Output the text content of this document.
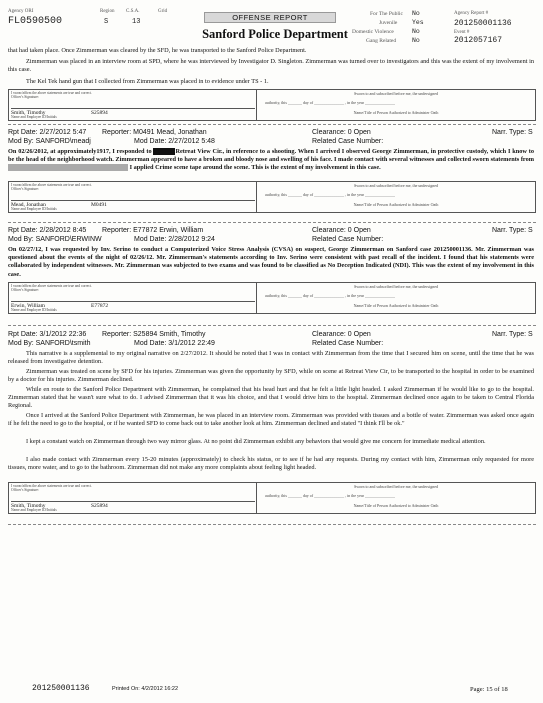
Agency ORI
FL0590500
Region
S
C.S.A.
13
Grid
OFFENSE REPORT
Sanford Police Department
For The Public No
Juvenile Yes
Domestic Violence	No
Gang Related No
Agency Report #
201250001136
Event #
2012057167
that had taken place. Once Zimmerman was cleared by the SFD, he was transported to the Sanford Police Department.
Zimmerman was placed in an interview room at SPD, where he was interviewed by Investigator D. Singleton. Zimmerman was turned over to investigators and this was the extent of my involvement in this case.
The Kel Tek hand gun that I collected from Zimmerman was placed in to evidence under TS - 1.
I swear/affirm the above statements are true and correct.
Officer's Signature:
Smith, Timothy	S25894
Name and Employee ID/Initials
Sworn to and subscribed before me, the undersigned
authority, this _______ day of _______________ , in the year _______________
Name/Title of Person Authorized to Administer Oath
Rpt Date: 2/27/2012 5:47 Reporter: M0491 Mead, Jonathan	Clearance: 0 Open	Narr. Type: S
Mod By: SANFORD\meadj	Mod Date: 2/27/2012 5:48	Related Case Number:
On 02/26/2012, at approximately1917, I responded to	Retreat View Cir., in reference to a shooting. When I arrived I observed George Zimmerman, in protective custody, which I know to be the head of the neighborhood watch. Zimmerman appeared to have a broken and bloody nose and swelling of his face. I made contact with several witnesses and collected sworn statements from  I applied Crime scene tape around the scene. This is the extent of my involvement in this case.
I swear/affirm the above statements are true and correct.
Officer's Signature:
Mead, Jonathan	M0491
Name and Employee ID/Initials
Sworn to and subscribed before me, the undersigned
authority, this _______ day of _______________ , in the year _______________
Name/Title of Person Authorized to Administer Oath
Rpt Date: 2/28/2012 8:45 Reporter: E77872 Erwin, William	Clearance: 0 Open	Narr. Type: S
Mod By: SANFORD\ERWINW	Mod Date: 2/28/2012 9:24	Related Case Number:
On 02/27/12, I was requested by Inv. Serino to conduct a Computerized Voice Stress Analysis (CVSA) on suspect, George Zimmerman on Sanford case 201250001136. Mr. Zimmerman was questioned about the events of the night of 02/26/12. Mr. Zimmerman's statements according to Inv. Serino were consistent with past recall of the incident. I found that his statements were collaborated by independent witnesses. Mr. Zimmerman was subjected to two exams and was found to be classified as No Deception Indicated (NDI). This was the extent of my involvement in this case.
I swear/affirm the above statements are true and correct.
Officer's Signature:
Erwin, William	E77872
Name and Employee ID/Initials
Sworn to and subscribed before me, the undersigned
authority, this _______ day of _______________ , in the year _______________
Name/Title of Person Authorized to Administer Oath
Rpt Date: 3/1/2012 22:36 Reporter: S25894 Smith, Timothy	Clearance: 0 Open	Narr. Type: S
Mod By: SANFORD\tsmith	Mod Date: 3/1/2012 22:49	Related Case Number:
This narrative is a supplemental to my original narrative on 2/27/2012. It should be noted that I was in contact with Zimmerman from the time that I secured him on scene, until the time that he was released from investigative detention.
Zimmerman was treated on scene by SFD for his injuries. Zimmerman was given the opportunity by SFD, while on scene at Retreat View Cir, to be transported to the hospital in order to be examined by a doctor for his injuries. Zimmerman declined.
While en route to the Sanford Police Department with Zimmerman, he complained that his head hurt and that he felt a little light headed. I asked Zimmerman if he would like to go to the hospital. Zimmerman stated that he wasn't sure what to do. I advised Zimmerman that it was his choice, and that I would drive him to the hospital. Zimmerman declined once again to be taken to Central Florida Regional.
Once I arrived at the Sanford Police Department with Zimmerman, he was placed in an interview room. Zimmerman was provided with tissues and a bottle of water. Zimmerman was asked once again if he felt the need to go to the hospital, or if he wanted SFD to come back out to take another look at him. Zimmerman declined and stated "I think I'll be ok."
I kept a constant watch on Zimmerman through two way mirror glass. At no point did Zimmerman exhibit any behaviors that would give me concern for immediate medical attention.
I also made contact with Zimmerman every 15-20 minutes (approximately) to check his status, or to see if he had any requests. During my contact with him, Zimmerman only requested for more tissues, more water, and to go to the bathroom. Zimmerman did not make any more complaints about feeling light headed.
I swear/affirm the above statements are true and correct.
Officer's Signature:
Smith, Timothy	S25894
Name and Employee ID/Initials
Sworn to and subscribed before me, the undersigned
authority, this _______ day of _______________ , in the year _______________
Name/Title of Person Authorized to Administer Oath
201250001136	Printed On: 4/2/2012 16:22	Page: 15 of 18
